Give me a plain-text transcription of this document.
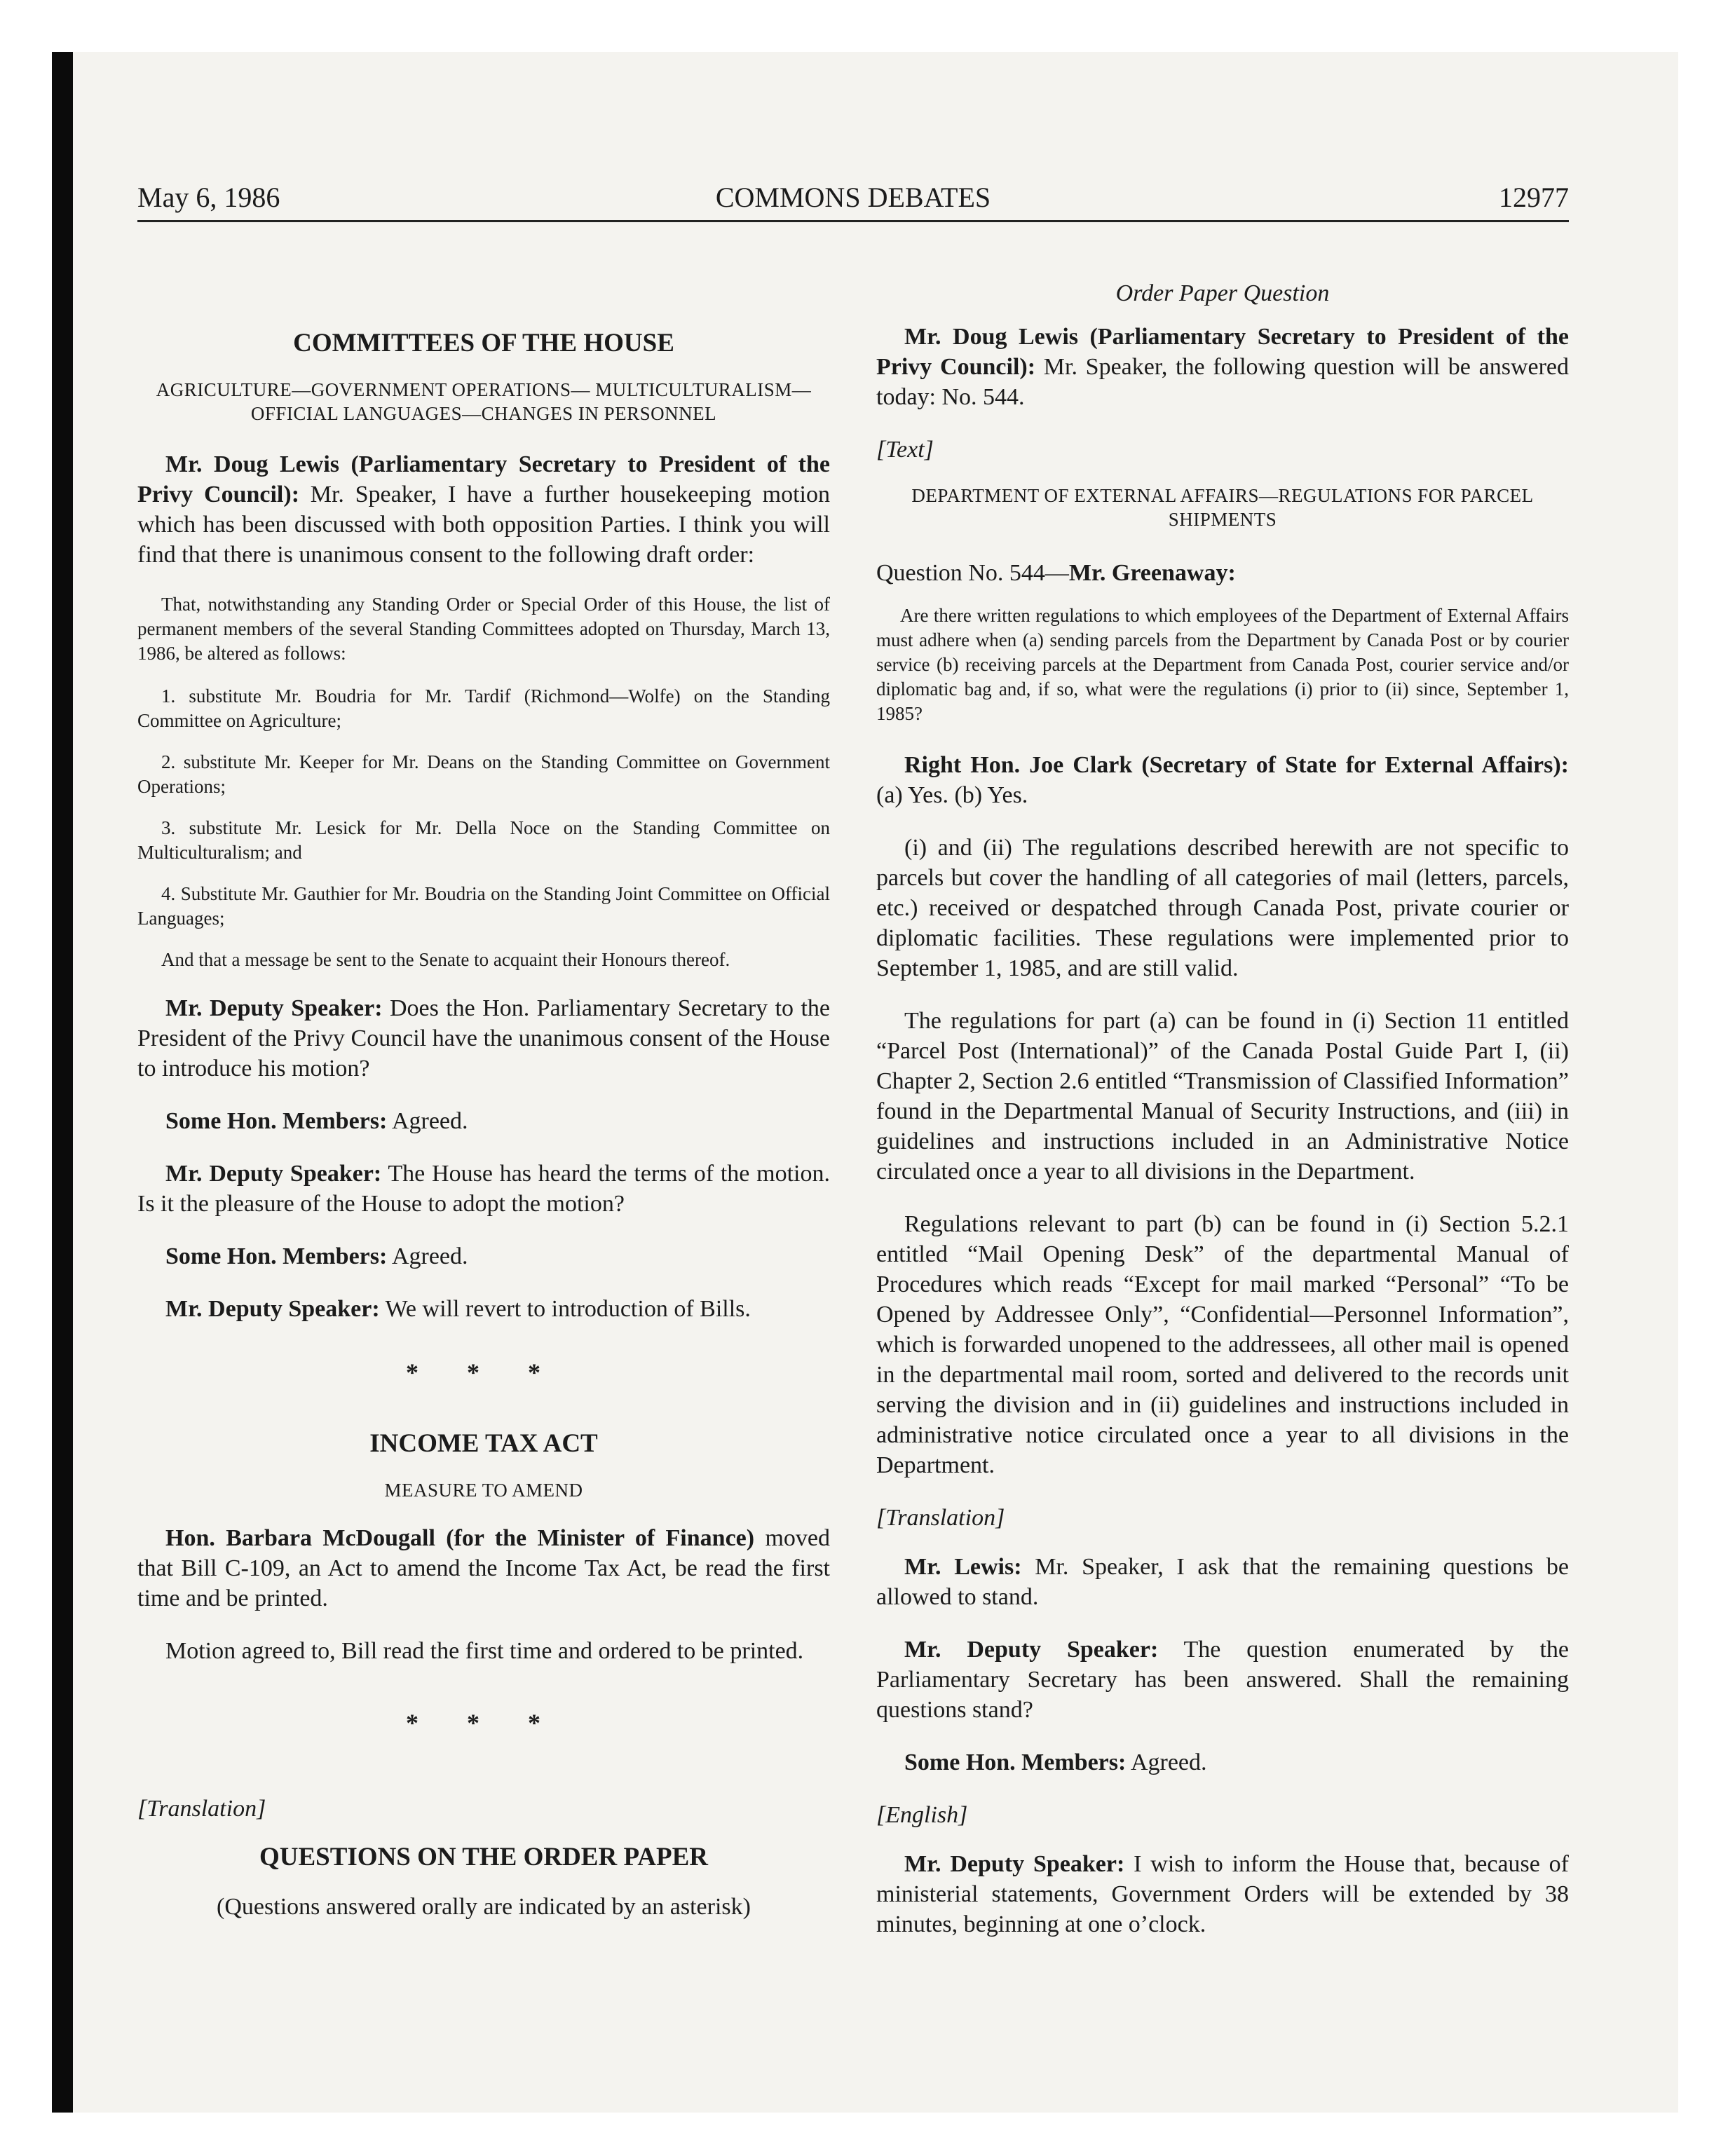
May 6, 1986	COMMONS DEBATES	12977
COMMITTEES OF THE HOUSE
AGRICULTURE—GOVERNMENT OPERATIONS— MULTICULTURALISM—OFFICIAL LANGUAGES—CHANGES IN PERSONNEL

Mr. Doug Lewis (Parliamentary Secretary to President of the Privy Council): Mr. Speaker, I have a further housekeeping motion which has been discussed with both opposition Parties. I think you will find that there is unanimous consent to the following draft order:

That, notwithstanding any Standing Order or Special Order of this House, the list of permanent members of the several Standing Committees adopted on Thursday, March 13, 1986, be altered as follows:

1. substitute Mr. Boudria for Mr. Tardif (Richmond—Wolfe) on the Standing Committee on Agriculture;

2. substitute Mr. Keeper for Mr. Deans on the Standing Committee on Government Operations;

3. substitute Mr. Lesick for Mr. Della Noce on the Standing Committee on Multiculturalism; and

4. Substitute Mr. Gauthier for Mr. Boudria on the Standing Joint Committee on Official Languages;

And that a message be sent to the Senate to acquaint their Honours thereof.

Mr. Deputy Speaker: Does the Hon. Parliamentary Secretary to the President of the Privy Council have the unanimous consent of the House to introduce his motion?

Some Hon. Members: Agreed.

Mr. Deputy Speaker: The House has heard the terms of the motion. Is it the pleasure of the House to adopt the motion?

Some Hon. Members: Agreed.

Mr. Deputy Speaker: We will revert to introduction of Bills.

* * *
INCOME TAX ACT
MEASURE TO AMEND

Hon. Barbara McDougall (for the Minister of Finance) moved that Bill C-109, an Act to amend the Income Tax Act, be read the first time and be printed.

Motion agreed to, Bill read the first time and ordered to be printed.

* * *
[Translation]
QUESTIONS ON THE ORDER PAPER

(Questions answered orally are indicated by an asterisk)

Order Paper Question

Mr. Doug Lewis (Parliamentary Secretary to President of the Privy Council): Mr. Speaker, the following question will be answered today: No. 544.

[Text]
DEPARTMENT OF EXTERNAL AFFAIRS—REGULATIONS FOR PARCEL SHIPMENTS

Question No. 544—Mr. Greenaway:

Are there written regulations to which employees of the Department of External Affairs must adhere when (a) sending parcels from the Department by Canada Post or by courier service (b) receiving parcels at the Department from Canada Post, courier service and/or diplomatic bag and, if so, what were the regulations (i) prior to (ii) since, September 1, 1985?

Right Hon. Joe Clark (Secretary of State for External Affairs): (a) Yes. (b) Yes.

(i) and (ii) The regulations described herewith are not specific to parcels but cover the handling of all categories of mail (letters, parcels, etc.) received or despatched through Canada Post, private courier or diplomatic facilities. These regulations were implemented prior to September 1, 1985, and are still valid.

The regulations for part (a) can be found in (i) Section 11 entitled “Parcel Post (International)” of the Canada Postal Guide Part I, (ii) Chapter 2, Section 2.6 entitled “Transmission of Classified Information” found in the Departmental Manual of Security Instructions, and (iii) in guidelines and instructions included in an Administrative Notice circulated once a year to all divisions in the Department.

Regulations relevant to part (b) can be found in (i) Section 5.2.1 entitled “Mail Opening Desk” of the departmental Manual of Procedures which reads “Except for mail marked “Personal” “To be Opened by Addressee Only”, “Confidential—Personnel Information”, which is forwarded unopened to the addressees, all other mail is opened in the departmental mail room, sorted and delivered to the records unit serving the division and in (ii) guidelines and instructions included in administrative notice circulated once a year to all divisions in the Department.

[Translation]

Mr. Lewis: Mr. Speaker, I ask that the remaining questions be allowed to stand.

Mr. Deputy Speaker: The question enumerated by the Parliamentary Secretary has been answered. Shall the remaining questions stand?

Some Hon. Members: Agreed.

[English]

Mr. Deputy Speaker: I wish to inform the House that, because of ministerial statements, Government Orders will be extended by 38 minutes, beginning at one o’clock.
